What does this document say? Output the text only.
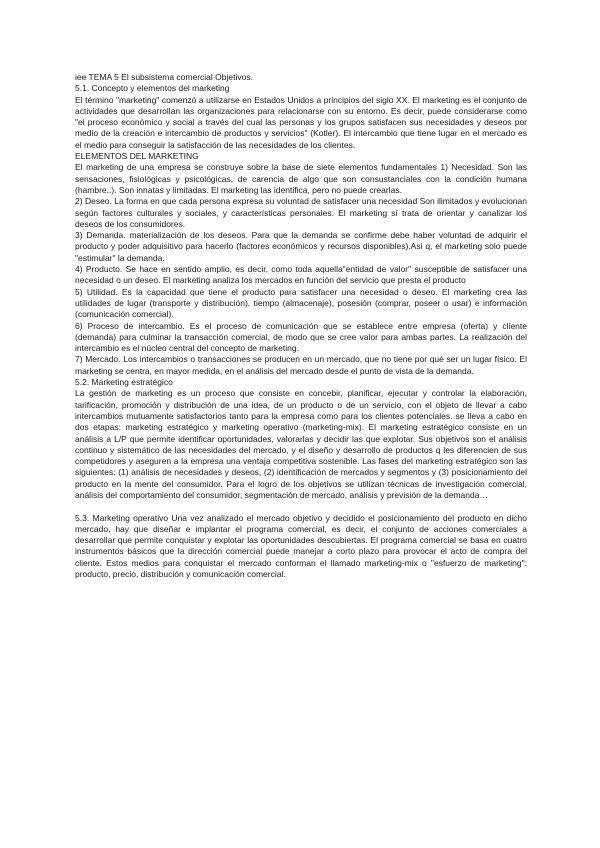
iee TEMA 5 El subsistema comercial Objetivos.

5.1. Concepto y elementos del marketing

El término "marketing" comenzó a utilizarse en Estados Unidos a principios del siglo XX. El marketing es el conjunto de actividades que desarrollan las organizaciones para relacionarse con su entorno. Es decir, puede considerarse como "el proceso económico y social a través del cual las personas y los grupos satisfacen sus necesidades y deseos por medio de la creación e intercambio de productos y servicios" (Kotler). El intercambio que tiene lugar en el mercado es el medio para conseguir la satisfacción de las necesidades de los clientes.

ELEMENTOS DEL MARKETING

El marketing de una empresa se construye sobre la base de siete elementos fundamentales 1) Necesidad. Son las sensaciones, fisiológicas y psicológicas, de carencia de algo que son consustanciales con la condición humana (hambre..). Son innatas y limitadas. El marketing las identifica, pero no puede crearlas.

2) Deseo. La forma en que cada persona expresa su voluntad de satisfacer una necesidad Son ilimitados y evolucionan según factores culturales y sociales, y características personales. El marketing sí trata de orientar y canalizar los deseos de los consumidores.

3) Demanda. materialización de los deseos. Para que la demanda se confirme debe haber voluntad de adquirir el producto y poder adquisitivo para hacerlo (factores económicos y recursos disponibles).Asi q, el marketing solo puede "estimular" la demanda.

4) Producto. Se hace en sentido amplio, es decir, como toda aquella"entidad de valor" susceptible de satisfacer una necesidad o un deseo. El marketing analiza los mercados en función del servicio que presta el producto

5) Utilidad. Es la capacidad que tiene el producto para satisfacer una necesidad o deseo. El marketing crea las utilidades de lugar (transporte y distribución), tiempo (almacenaje), posesión (comprar, poseer o usar) e información (comunicación comercial).

6) Proceso de intercambio. Es el proceso de comunicación que se establece entre empresa (oferta) y cliente (demanda) para culminar la transacción comercial, de modo que se cree valor para ambas partes. La realización del intercambio es el núcleo central del concepto de marketing.

7) Mercado. Los intercambios o transacciones se producen en un mercado, que no tiene por qué ser un lugar físico. El marketing se centra, en mayor medida, en el análisis del mercado desde el punto de vista de la demanda.

5.2. Marketing estratégico

La gestión de marketing es un proceso que consiste en concebir, planificar, ejecutar y controlar la elaboración, tarificación, promoción y distribución de una idea, de un producto o de un servicio, con el objeto de llevar a cabo intercambios mutuamente satisfactorios tanto para la empresa como para los clientes potenciales. se lleva a cabo en dos etapas: marketing estratégico y marketing operativo (marketing-mix). El marketing estratégico consiste en un análisis a L/P que permite identificar oportunidades, valorarlas y decidir las que explotar. Sus objetivos son el análisis continuo y sistemático de las necesidades del mercado, y el diseño y desarrollo de productos q les diferencien de sus competidores y aseguren a la empresa una ventaja competitiva sostenible. Las fases del marketing estratégico son las siguientes: (1) análisis de necesidades y deseos, (2) identificación de mercados y segmentos y (3) posicionamiento del producto en la mente del consumidor. Para el logro de los objetivos se utilizan técnicas de investigación comercial, análisis del comportamiento del consumidor, segmentación de mercado, análisis y previsión de la demanda…

5.3. Marketing operativo Una vez analizado el mercado objetivo y decidido el posicionamiento del producto en dicho mercado, hay que diseñar e implantar el programa comercial, es decir, el conjunto de acciones comerciales a desarrollar que permite conquistar y explotar las oportunidades descubiertas. El programa comercial se basa en cuatro instrumentos básicos que la dirección comercial puede manejar a corto plazo para provocar el acto de compra del cliente. Estos medios para conquistar el mercado conforman el llamado marketing-mix o "esfuerzo de marketing": producto, precio, distribución y comunicación comercial.
